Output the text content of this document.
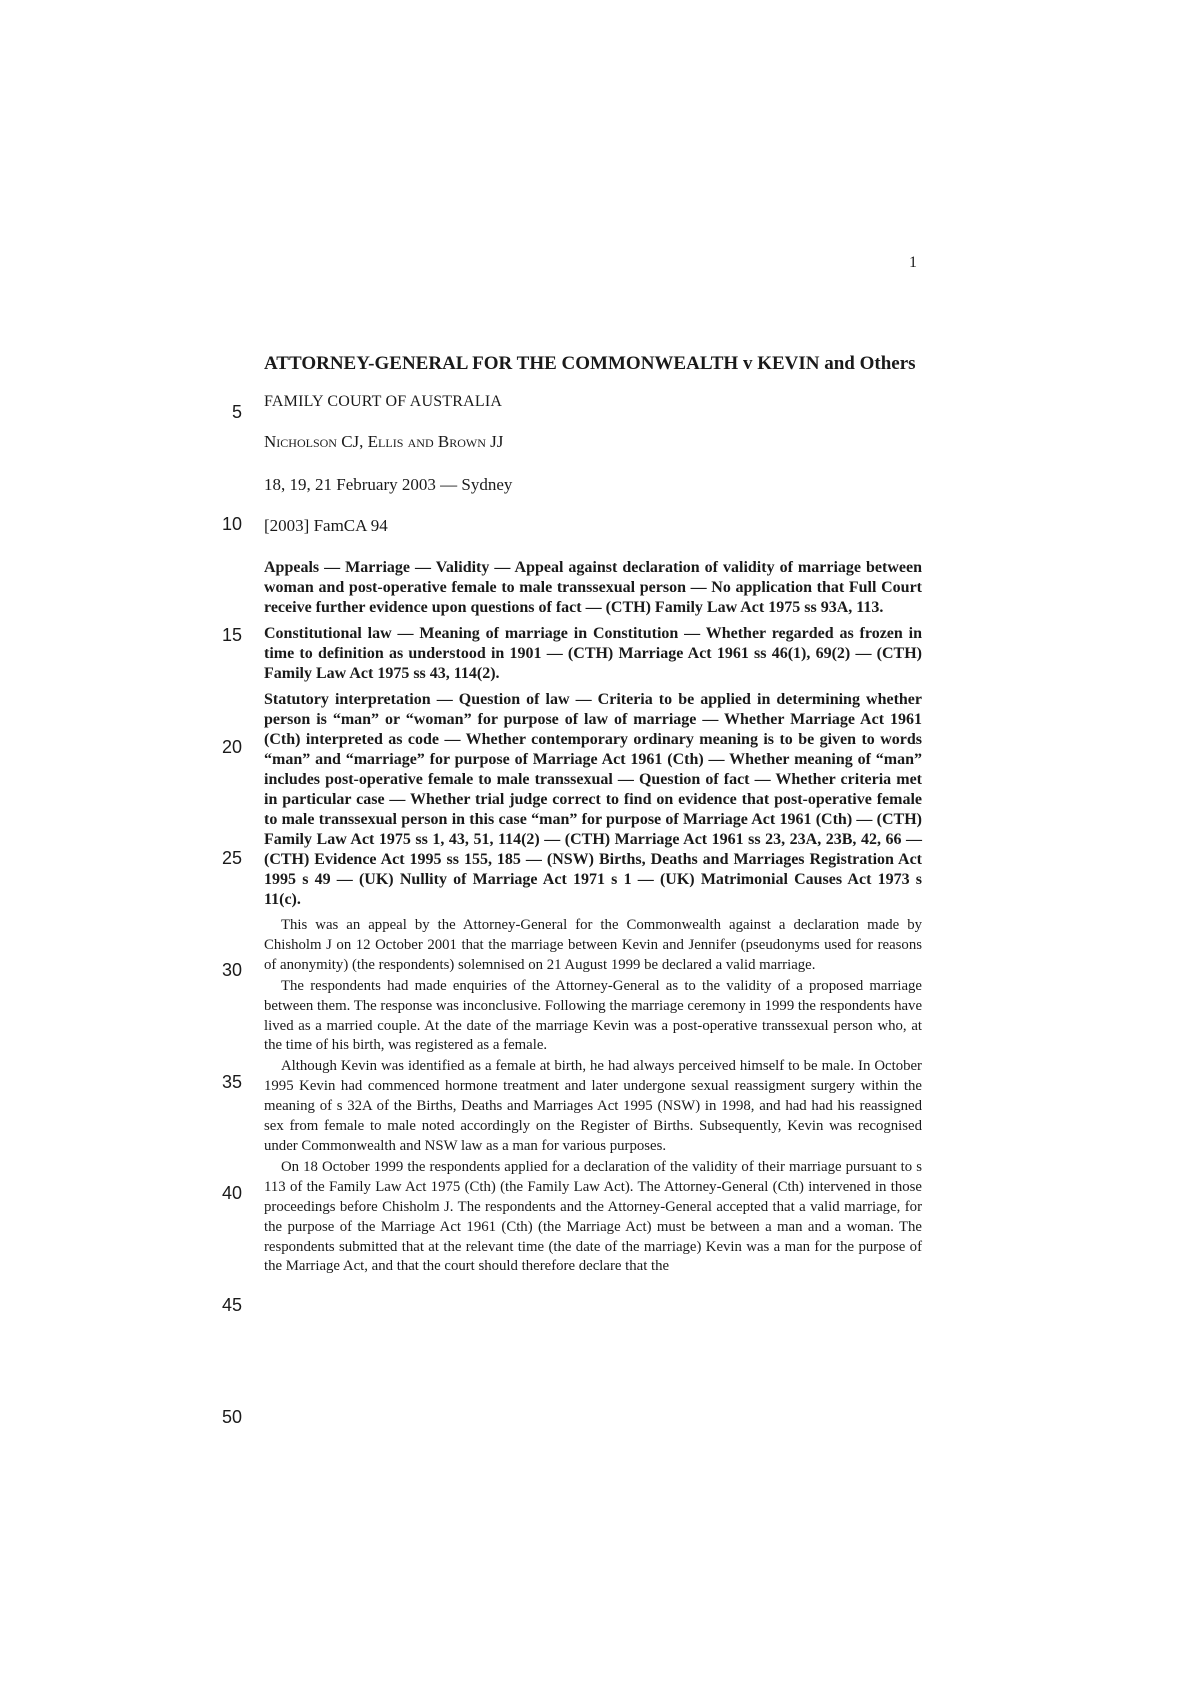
1
5
10
15
20
25
30
35
40
45
50
ATTORNEY-GENERAL FOR THE COMMONWEALTH v KEVIN and Others
FAMILY COURT OF AUSTRALIA
Nicholson CJ, Ellis and Brown JJ
18, 19, 21 February 2003 — Sydney
[2003] FamCA 94

Appeals — Marriage — Validity — Appeal against declaration of validity of marriage between woman and post-operative female to male transsexual person — No application that Full Court receive further evidence upon questions of fact — (CTH) Family Law Act 1975 ss 93A, 113.

Constitutional law — Meaning of marriage in Constitution — Whether regarded as frozen in time to definition as understood in 1901 — (CTH) Marriage Act 1961 ss 46(1), 69(2) — (CTH) Family Law Act 1975 ss 43, 114(2).

Statutory interpretation — Question of law — Criteria to be applied in determining whether person is “man” or “woman” for purpose of law of marriage — Whether Marriage Act 1961 (Cth) interpreted as code — Whether contemporary ordinary meaning is to be given to words “man” and “marriage” for purpose of Marriage Act 1961 (Cth) — Whether meaning of “man” includes post-operative female to male transsexual — Question of fact — Whether criteria met in particular case — Whether trial judge correct to find on evidence that post-operative female to male transsexual person in this case “man” for purpose of Marriage Act 1961 (Cth) — (CTH) Family Law Act 1975 ss 1, 43, 51, 114(2) — (CTH) Marriage Act 1961 ss 23, 23A, 23B, 42, 66 — (CTH) Evidence Act 1995 ss 155, 185 — (NSW) Births, Deaths and Marriages Registration Act 1995 s 49 — (UK) Nullity of Marriage Act 1971 s 1 — (UK) Matrimonial Causes Act 1973 s 11(c).

This was an appeal by the Attorney-General for the Commonwealth against a declaration made by Chisholm J on 12 October 2001 that the marriage between Kevin and Jennifer (pseudonyms used for reasons of anonymity) (the respondents) solemnised on 21 August 1999 be declared a valid marriage.

The respondents had made enquiries of the Attorney-General as to the validity of a proposed marriage between them. The response was inconclusive. Following the marriage ceremony in 1999 the respondents have lived as a married couple. At the date of the marriage Kevin was a post-operative transsexual person who, at the time of his birth, was registered as a female.

Although Kevin was identified as a female at birth, he had always perceived himself to be male. In October 1995 Kevin had commenced hormone treatment and later undergone sexual reassigment surgery within the meaning of s 32A of the Births, Deaths and Marriages Act 1995 (NSW) in 1998, and had had his reassigned sex from female to male noted accordingly on the Register of Births. Subsequently, Kevin was recognised under Commonwealth and NSW law as a man for various purposes.

On 18 October 1999 the respondents applied for a declaration of the validity of their marriage pursuant to s 113 of the Family Law Act 1975 (Cth) (the Family Law Act). The Attorney-General (Cth) intervened in those proceedings before Chisholm J. The respondents and the Attorney-General accepted that a valid marriage, for the purpose of the Marriage Act 1961 (Cth) (the Marriage Act) must be between a man and a woman. The respondents submitted that at the relevant time (the date of the marriage) Kevin was a man for the purpose of the Marriage Act, and that the court should therefore declare that the
